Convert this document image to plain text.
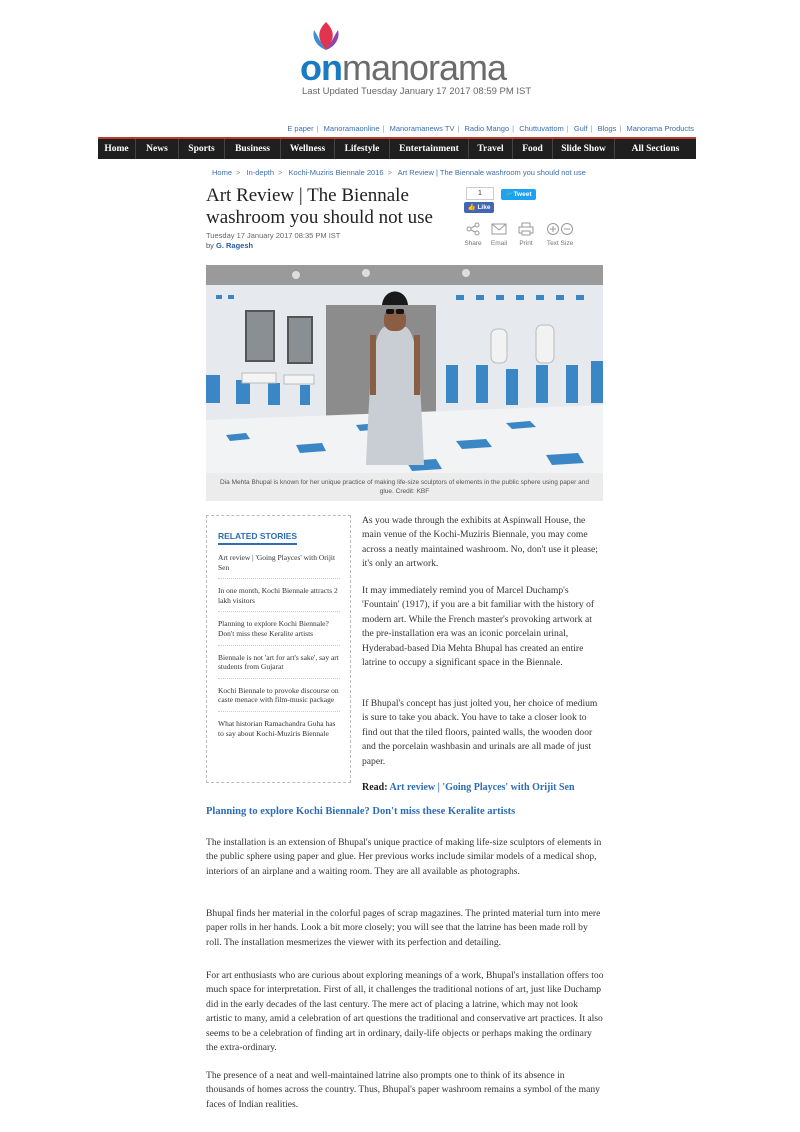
onmanorama
Last Updated Tuesday January 17 2017 08:59 PM IST
E paper | Manoramaonline | Manoramanews TV | Radio Mango | Chuttuvattom | Gulf | Blogs | Manorama Products
Home	News	Sports	Business	Wellness	Lifestyle	Entertainment	Travel	Food	Slide Show	All Sections
Home > In-depth > Kochi-Muziris Biennale 2016 > Art Review | The Biennale washroom you should not use
Art Review | The Biennale washroom you should not use
Tuesday 17 January 2017 08:35 PM IST
by G. Ragesh
1
👍 Like
🐦Tweet
Share	Email	Print	Text Size
Dia Mehta Bhupal is known for her unique practice of making life-size sculptors of elements in the public sphere using paper and glue. Credit: KBF
RELATED STORIES
Art review | 'Going Playces' with Orijit Sen
In one month, Kochi Biennale attracts 2 lakh visitors
Planning to explore Kochi Biennale? Don't miss these Keralite artists
Biennale is not 'art for art's sake', say art students from Gujarat
Kochi Biennale to provoke discourse on caste menace with film-music package
What historian Ramachandra Guha has to say about Kochi-Muziris Biennale

As you wade through the exhibits at Aspinwall House, the main venue of the Kochi-Muziris Biennale, you may come across a neatly maintained washroom. No, don't use it please; it's only an artwork.

It may immediately remind you of Marcel Duchamp's 'Fountain' (1917), if you are a bit familiar with the history of modern art. While the French master's provoking artwork at the pre-installation era was an iconic porcelain urinal, Hyderabad-based Dia Mehta Bhupal has created an entire latrine to occupy a significant space in the Biennale.

If Bhupal's concept has just jolted you, her choice of medium is sure to take you aback. You have to take a closer look to find out that the tiled floors, painted walls, the wooden door and the porcelain washbasin and urinals are all made of just paper.

Read: Art review | 'Going Playces' with Orijit Sen
Planning to explore Kochi Biennale? Don't miss these Keralite artists

The installation is an extension of Bhupal's unique practice of making life-size sculptors of elements in the public sphere using paper and glue. Her previous works include similar models of a medical shop, interiors of an airplane and a waiting room. They are all available as photographs.

Bhupal finds her material in the colorful pages of scrap magazines. The printed material turn into mere paper rolls in her hands. Look a bit more closely; you will see that the latrine has been made roll by roll. The installation mesmerizes the viewer with its perfection and detailing.

For art enthusiasts who are curious about exploring meanings of a work, Bhupal's installation offers too much space for interpretation. First of all, it challenges the traditional notions of art, just like Duchamp did in the early decades of the last century. The mere act of placing a latrine, which may not look artistic to many, amid a celebration of art questions the traditional and conservative art practices. It also seems to be a celebration of finding art in ordinary, daily-life objects or perhaps making the ordinary the extra-ordinary.

The presence of a neat and well-maintained latrine also prompts one to think of its absence in thousands of homes across the country. Thus, Bhupal's paper washroom remains a symbol of the many faces of Indian realities.
